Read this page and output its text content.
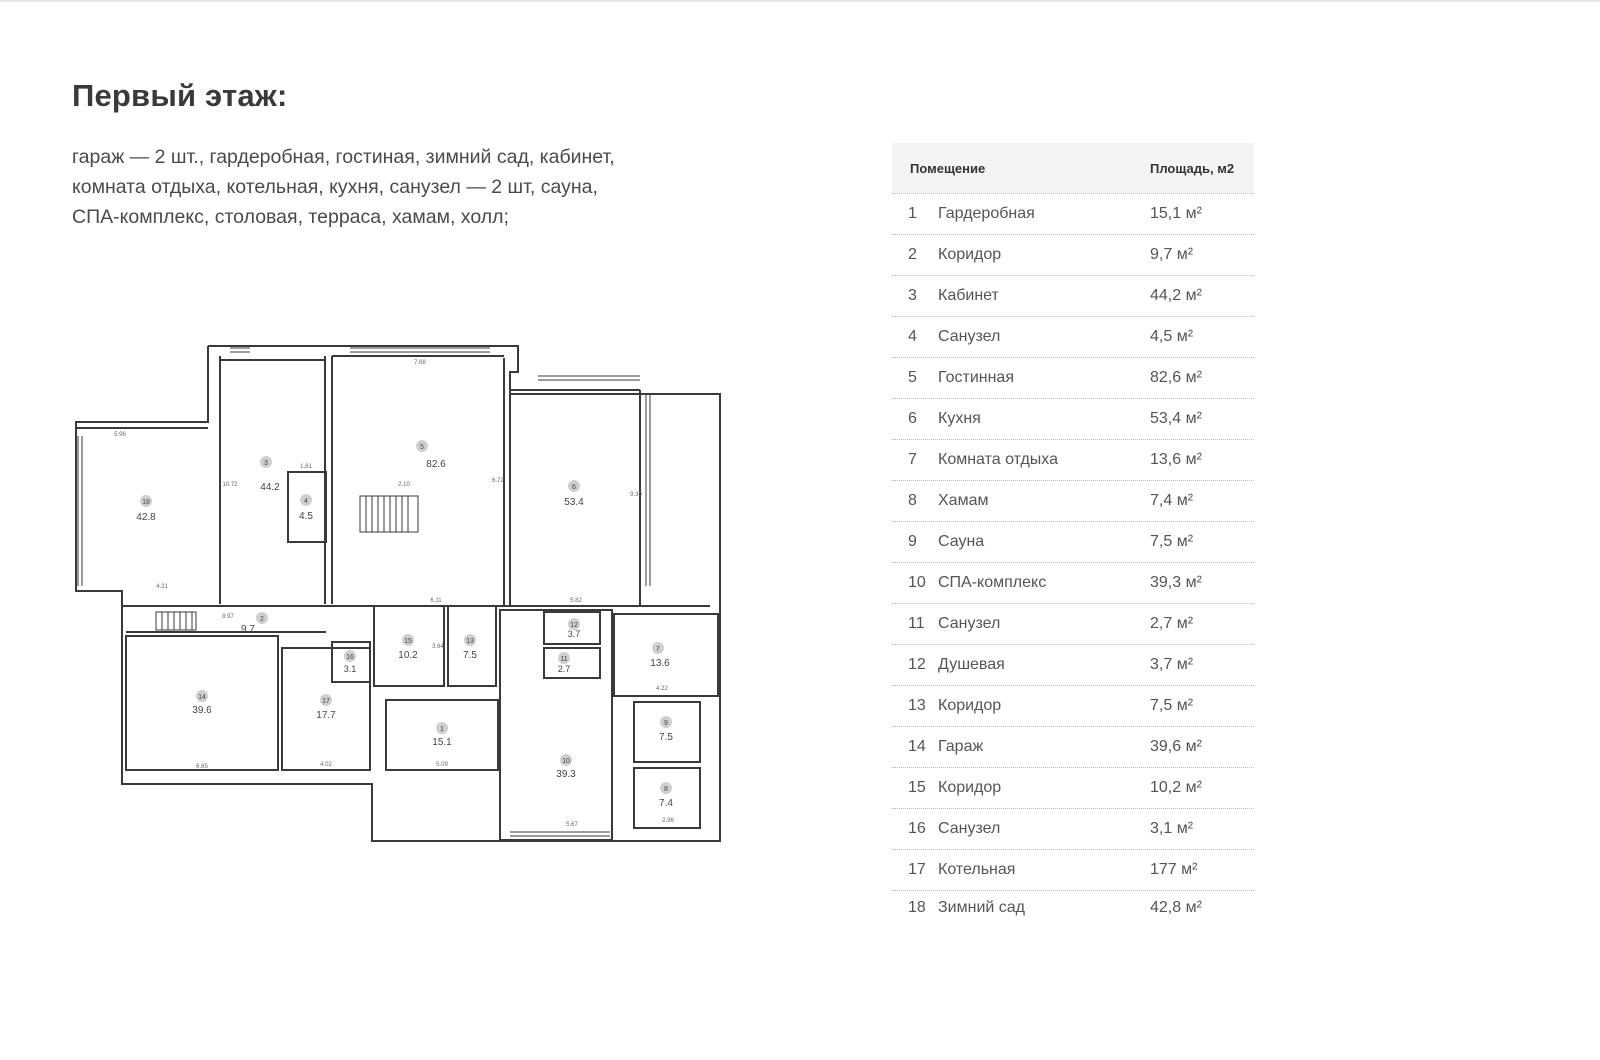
Первый этаж:
гараж — 2 шт., гардеробная, гостиная, зимний сад, кабинет,
комната отдыха, котельная, кухня, санузел — 2 шт, сауна,
СПА-комплекс, столовая, терраса, хамам, холл;
18
42.8
3
44.2
4
4.5
5
82.6
6
53.4
2
9.7
14
39.6
17
17.7
16
3.1
15
10.2
13
7.5
1
15.1
12
3.7
11
2.7
7
13.6
9
7.5
8
7.4
10
39.3
7.68
5.96
6.11	5.82
6.85	5.09
5.67
4.31
9.30
10.72
6.72
4.02
2.96
4.22
1.81
2.10
3.64
8.97
Помещение	Площадь, м2
1	Гардеробная	15,1 м²
2	Коридор	9,7 м²
3	Кабинет	44,2 м²
4	Санузел	4,5 м²
5	Гостинная	82,6 м²
6	Кухня	53,4 м²
7	Комната отдыха	13,6 м²
8	Хамам	7,4 м²
9	Сауна	7,5 м²
10 СПА-комплекс	39,3 м²
11 Санузел	2,7 м²
12 Душевая	3,7 м²
13 Коридор	7,5 м²
14 Гараж	39,6 м²
15 Коридор	10,2 м²
16 Санузел	3,1 м²
17 Котельная	177 м²
18 Зимний сад	42,8 м²
